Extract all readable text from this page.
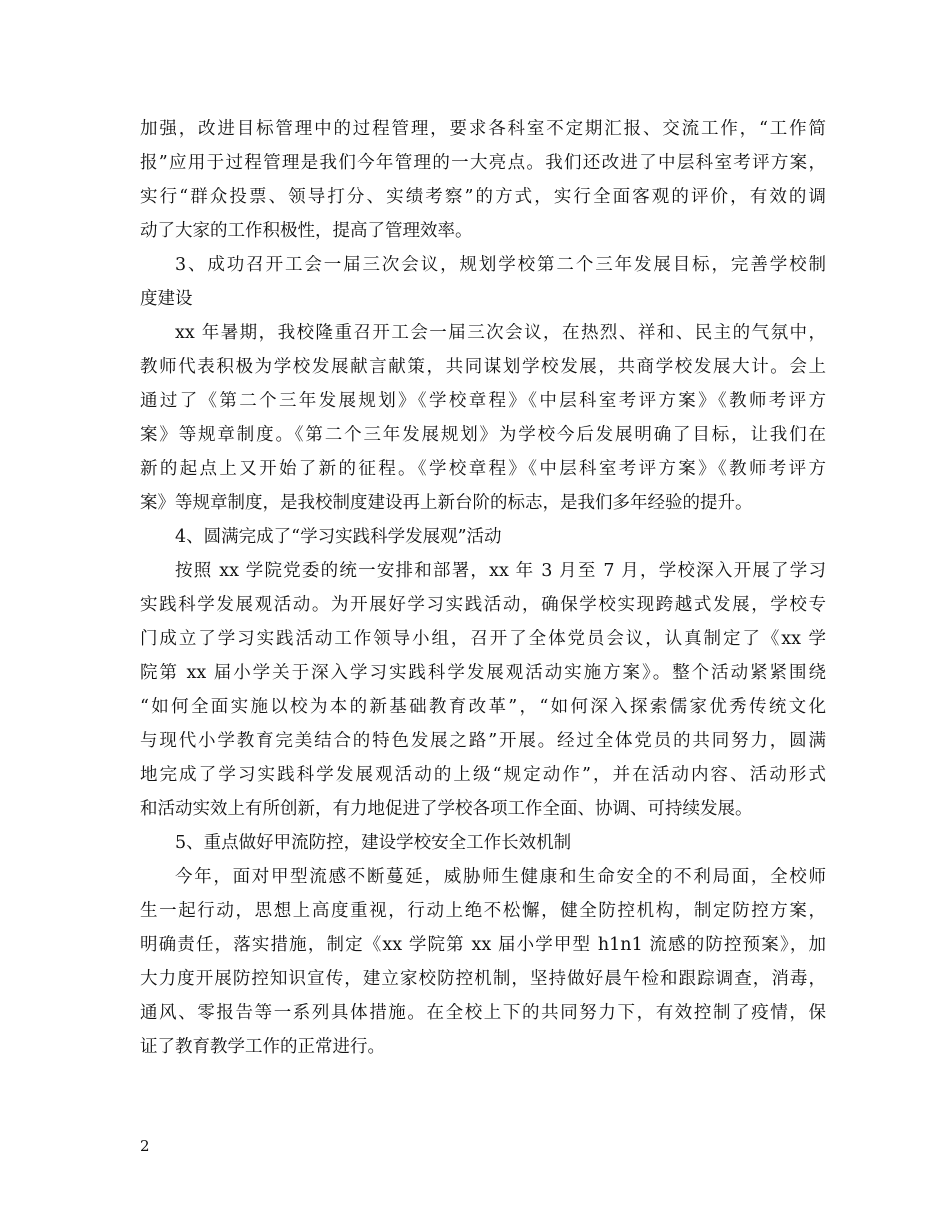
加强，改进目标管理中的过程管理，要求各科室不定期汇报、交流工作，“工作简
报”应用于过程管理是我们今年管理的一大亮点。我们还改进了中层科室考评方案，
实行“群众投票、领导打分、实绩考察”的方式，实行全面客观的评价，有效的调
动了大家的工作积极性，提高了管理效率。
3、成功召开工会一届三次会议，规划学校第二个三年发展目标，完善学校制
度建设
xx 年暑期，我校隆重召开工会一届三次会议，在热烈、祥和、民主的气氛中，
教师代表积极为学校发展献言献策，共同谋划学校发展，共商学校发展大计。会上
通过了《第二个三年发展规划》《学校章程》《中层科室考评方案》《教师考评方
案》等规章制度。《第二个三年发展规划》为学校今后发展明确了目标，让我们在
新的起点上又开始了新的征程。《学校章程》《中层科室考评方案》《教师考评方
案》等规章制度，是我校制度建设再上新台阶的标志，是我们多年经验的提升。
4、圆满完成了“学习实践科学发展观”活动
按照 xx 学院党委的统一安排和部署，xx 年 3 月至 7 月，学校深入开展了学习
实践科学发展观活动。为开展好学习实践活动，确保学校实现跨越式发展，学校专
门成立了学习实践活动工作领导小组，召开了全体党员会议，认真制定了《xx 学
院第 xx 届小学关于深入学习实践科学发展观活动实施方案》。整个活动紧紧围绕
“如何全面实施以校为本的新基础教育改革”，“如何深入探索儒家优秀传统文化
与现代小学教育完美结合的特色发展之路”开展。经过全体党员的共同努力，圆满
地完成了学习实践科学发展观活动的上级“规定动作”，并在活动内容、活动形式
和活动实效上有所创新，有力地促进了学校各项工作全面、协调、可持续发展。
5、重点做好甲流防控，建设学校安全工作长效机制
今年，面对甲型流感不断蔓延，威胁师生健康和生命安全的不利局面，全校师
生一起行动，思想上高度重视，行动上绝不松懈，健全防控机构，制定防控方案，
明确责任，落实措施，制定《xx 学院第 xx 届小学甲型 h1n1 流感的防控预案》，加
大力度开展防控知识宣传，建立家校防控机制，坚持做好晨午检和跟踪调查，消毒，
通风、零报告等一系列具体措施。在全校上下的共同努力下，有效控制了疫情，保
证了教育教学工作的正常进行。
2
